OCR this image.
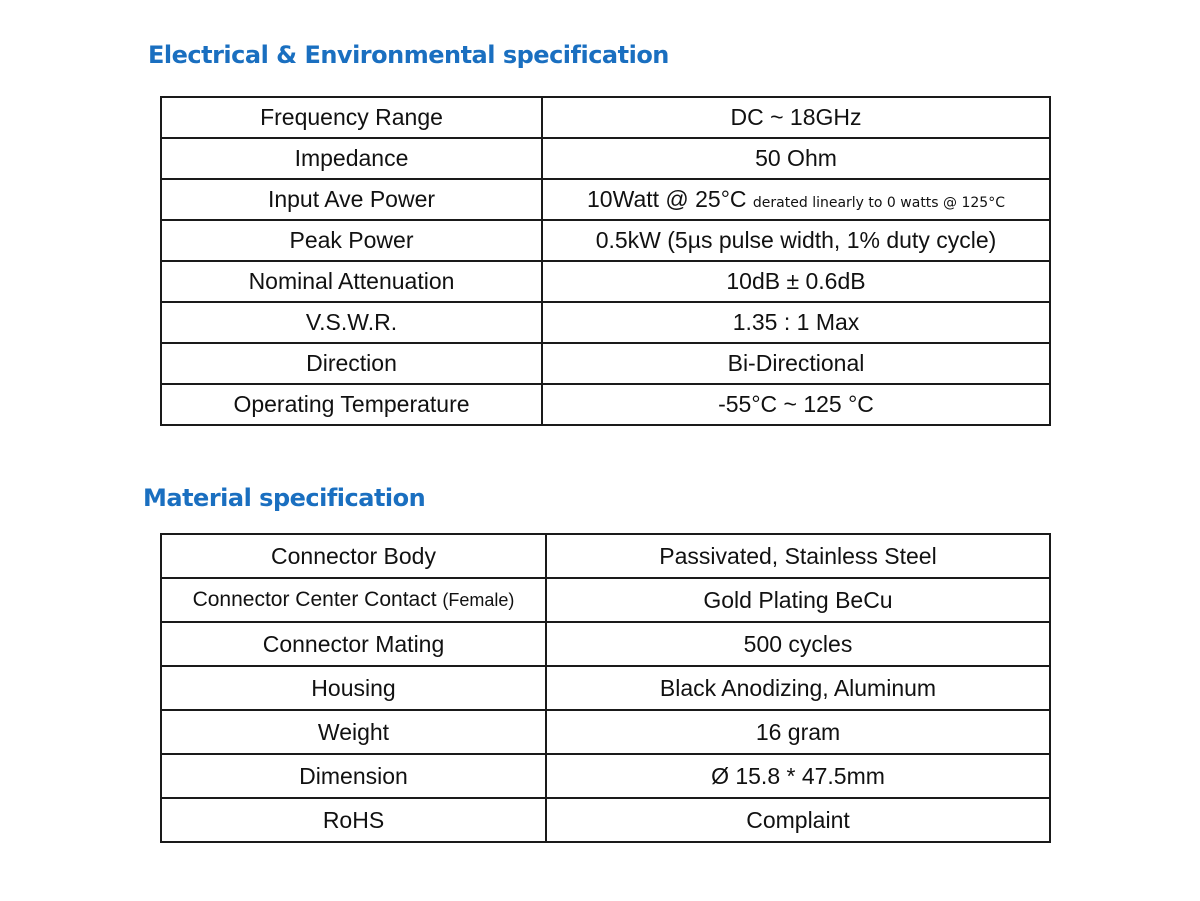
Electrical & Environmental specification
Frequency Range	DC ~ 18GHz
Impedance	50 Ohm
Input Ave Power	10Watt @ 25°C derated linearly to 0 watts @ 125°C
Peak Power	0.5kW (5µs pulse width, 1% duty cycle)
Nominal Attenuation	10dB ± 0.6dB
V.S.W.R.	1.35 : 1 Max
Direction	Bi-Directional
Operating Temperature	-55°C ~ 125 °C
Material specification
Connector Body	Passivated, Stainless Steel
Connector Center Contact (Female)	Gold Plating BeCu
Connector Mating	500 cycles
Housing	Black Anodizing, Aluminum
Weight	16 gram
Dimension	Ø 15.8 * 47.5mm
RoHS	Complaint
